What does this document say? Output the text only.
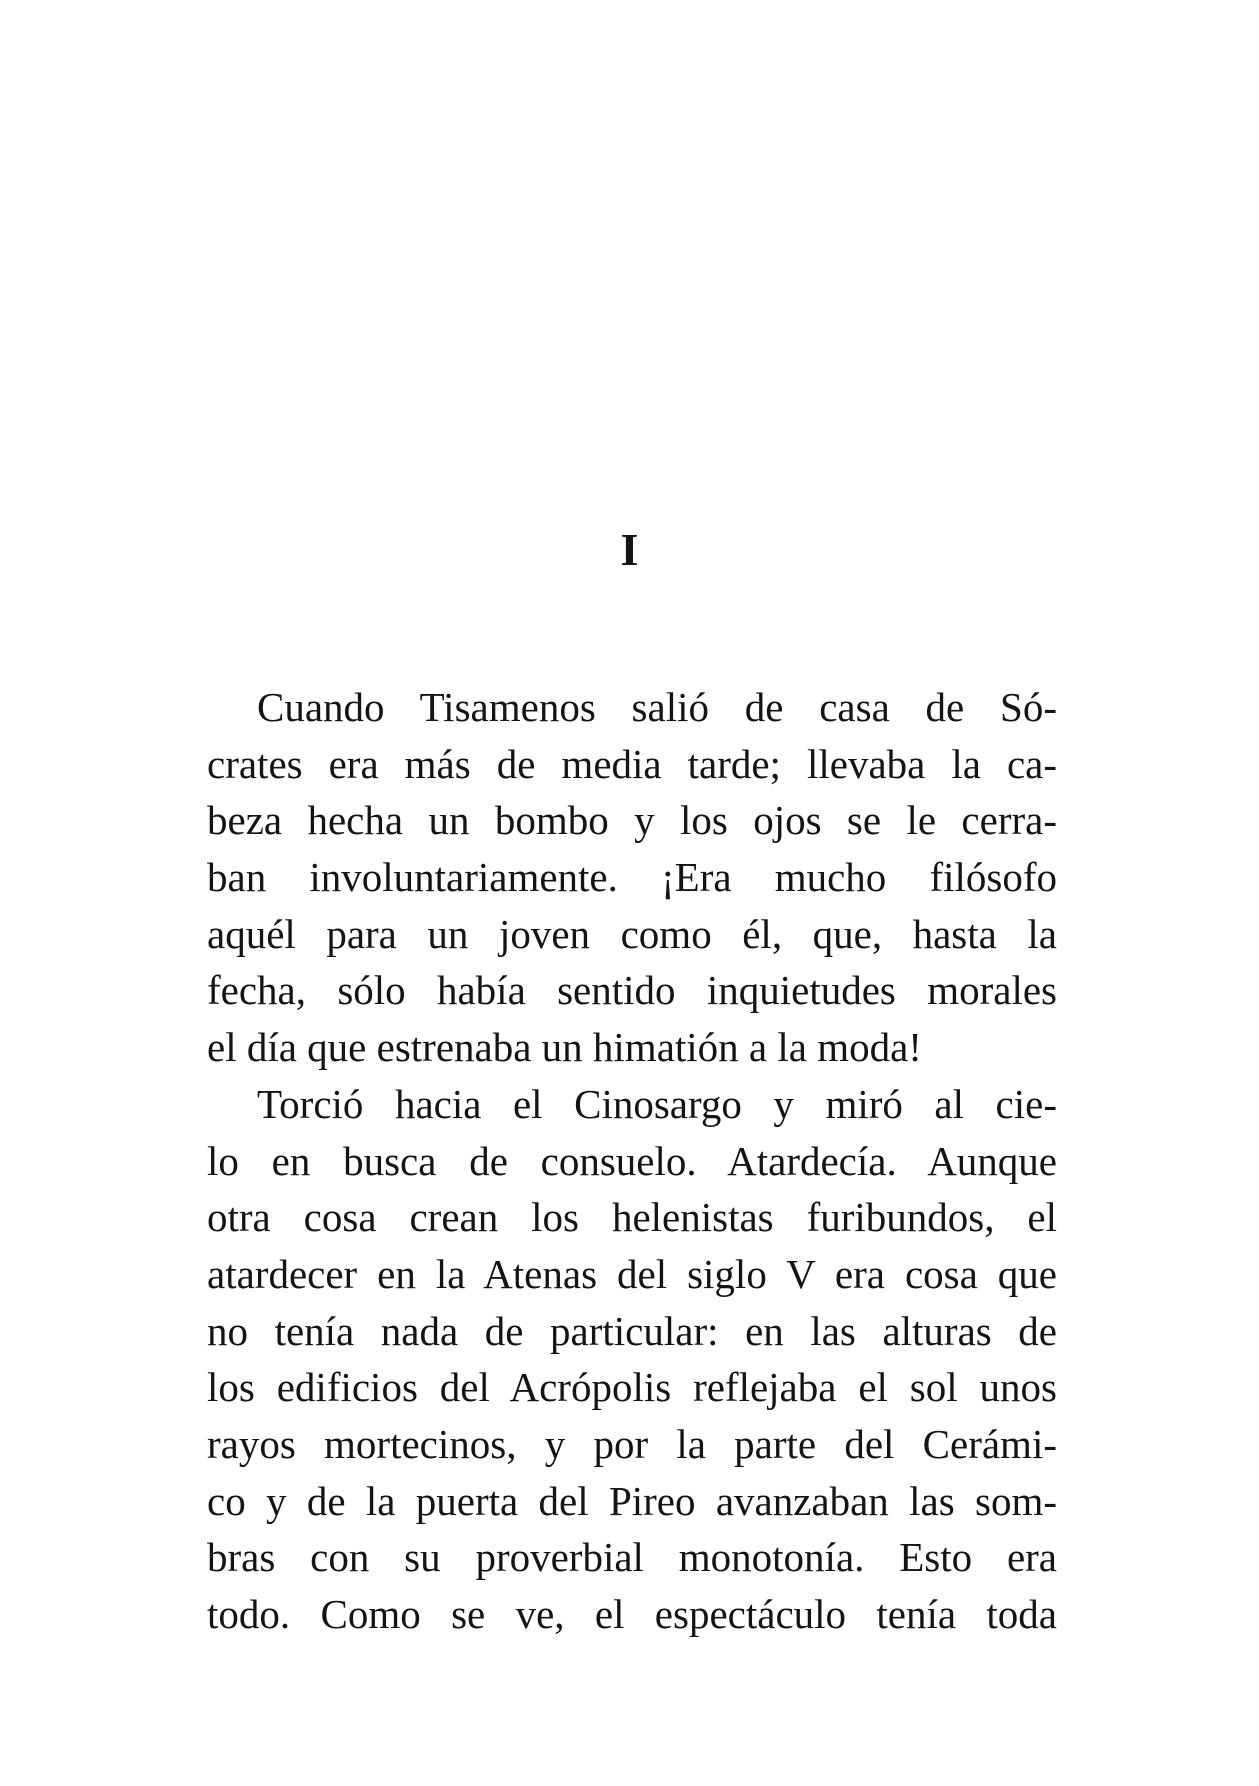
I
Cuando Tisamenos salió de casa de Só-
crates era más de media tarde; llevaba la ca-
beza hecha un bombo y los ojos se le cerra-
ban involuntariamente. ¡Era mucho filósofo
aquél para un joven como él, que, hasta la
fecha, sólo había sentido inquietudes morales
el día que estrenaba un himatión a la moda!
Torció hacia el Cinosargo y miró al cie-
lo en busca de consuelo. Atardecía. Aunque
otra cosa crean los helenistas furibundos, el
atardecer en la Atenas del siglo V era cosa que
no tenía nada de particular: en las alturas de
los edificios del Acrópolis reflejaba el sol unos
rayos mortecinos, y por la parte del Cerámi-
co y de la puerta del Pireo avanzaban las som-
bras con su proverbial monotonía. Esto era
todo. Como se ve, el espectáculo tenía toda
